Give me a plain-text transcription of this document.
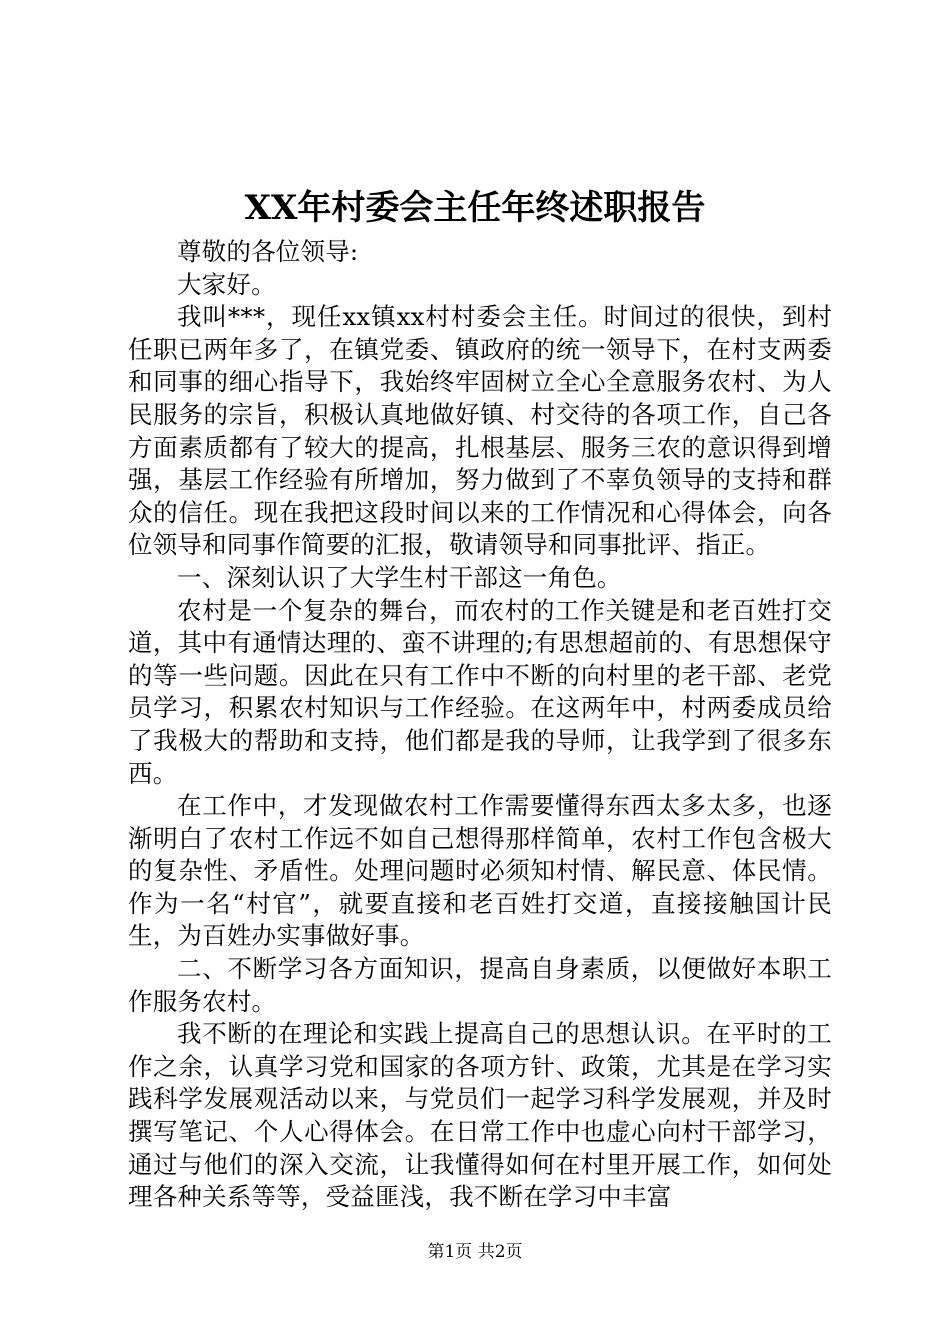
XX年村委会主任年终述职报告

尊敬的各位领导:

大家好。

我叫***，现任xx镇xx村村委会主任。时间过的很快，到村任职已两年多了，在镇党委、镇政府的统一领导下，在村支两委和同事的细心指导下，我始终牢固树立全心全意服务农村、为人民服务的宗旨，积极认真地做好镇、村交待的各项工作，自己各方面素质都有了较大的提高，扎根基层、服务三农的意识得到增强，基层工作经验有所增加，努力做到了不辜负领导的支持和群众的信任。现在我把这段时间以来的工作情况和心得体会，向各位领导和同事作简要的汇报，敬请领导和同事批评、指正。

一、深刻认识了大学生村干部这一角色。

农村是一个复杂的舞台，而农村的工作关键是和老百姓打交道，其中有通情达理的、蛮不讲理的;有思想超前的、有思想保守的等一些问题。因此在只有工作中不断的向村里的老干部、老党员学习，积累农村知识与工作经验。在这两年中，村两委成员给了我极大的帮助和支持，他们都是我的导师，让我学到了很多东西。

在工作中，才发现做农村工作需要懂得东西太多太多，也逐渐明白了农村工作远不如自己想得那样简单，农村工作包含极大的复杂性、矛盾性。处理问题时必须知村情、解民意、体民情。作为一名“村官”，就要直接和老百姓打交道，直接接触国计民生，为百姓办实事做好事。

二、不断学习各方面知识，提高自身素质，以便做好本职工作服务农村。

我不断的在理论和实践上提高自己的思想认识。在平时的工作之余，认真学习党和国家的各项方针、政策，尤其是在学习实践科学发展观活动以来，与党员们一起学习科学发展观，并及时撰写笔记、个人心得体会。在日常工作中也虚心向村干部学习，通过与他们的深入交流，让我懂得如何在村里开展工作，如何处理各种关系等等，受益匪浅，我不断在学习中丰富

第1页 共2页
